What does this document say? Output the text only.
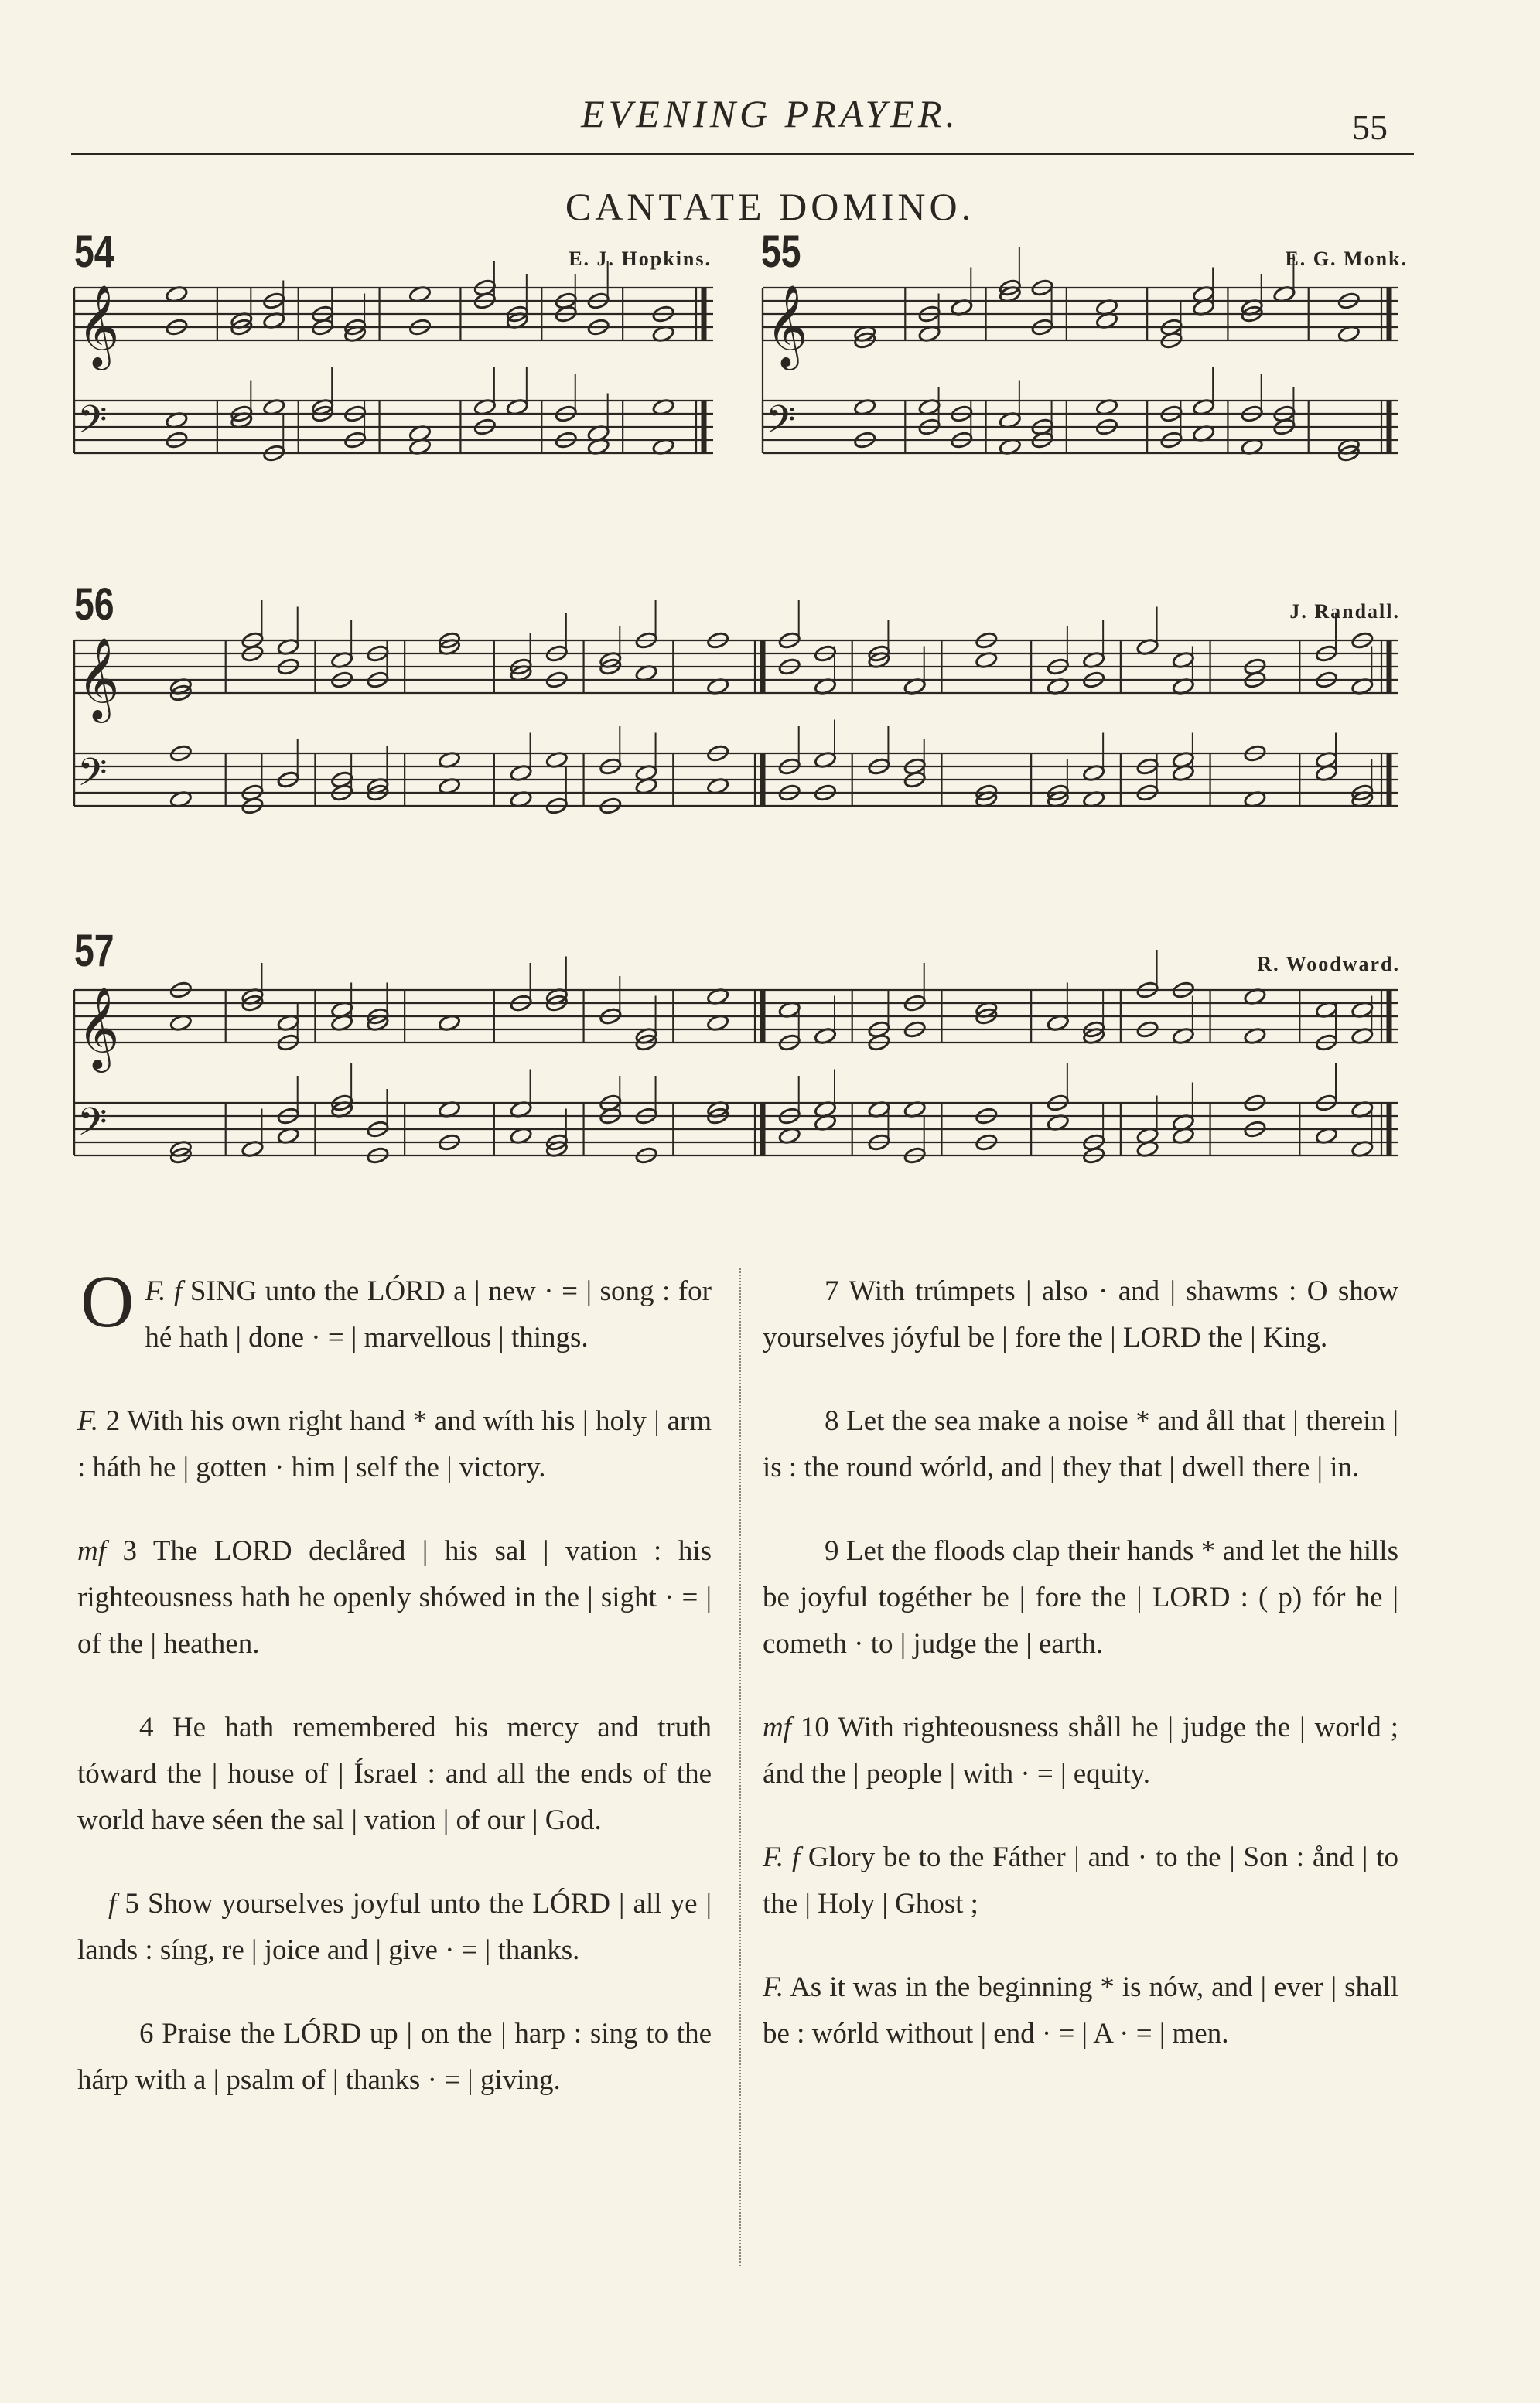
EVENING PRAYER.	55
CANTATE DOMINO.
54	E. J. Hopkins.
𝄞
𝄢
55	E. G. Monk.
𝄞
𝄢
56	J. Randall.
𝄞
𝄢
57	R. Woodward.
𝄞
𝄢

F. f
O SING unto the LÓRD a | new · = | song : for hé hath | done · = | marvellous | things.

F. 2 With his own right hand * and wíth his | holy | arm : háth he | gotten · him | self the | victory.

mf 3 The LORD declåred | his sal | vation : his righteousness hath he openly shówed in the | sight · = | of the | heathen.

4 He hath remembered his mercy and truth tóward the | house of | Ísrael : and all the ends of the world have séen the sal | vation | of our | God.

f 5 Show yourselves joyful unto the LÓRD | all ye | lands : síng, re | joice and | give · = | thanks.

6 Praise the LÓRD up | on the | harp : sing to the hárp with a | psalm of | thanks · = | giving.

7 With trúmpets | also · and | shawms : O show yourselves jóyful be | fore the | LORD the | King.

8 Let the sea make a noise * and åll that | therein | is : the round wórld, and | they that | dwell there | in.

9 Let the floods clap their hands * and let the hills be joyful togéther be | fore the | LORD : ( p) fór he | cometh · to | judge the | earth.

mf 10 With righteousness shåll he | judge the | world ; ánd the | people | with · = | equity.

F. f Glory be to the Fáther | and · to the | Son : ånd | to the | Holy | Ghost ;

F. As it was in the beginning * is nów, and | ever | shall be : wórld without | end · = | A · = | men.
